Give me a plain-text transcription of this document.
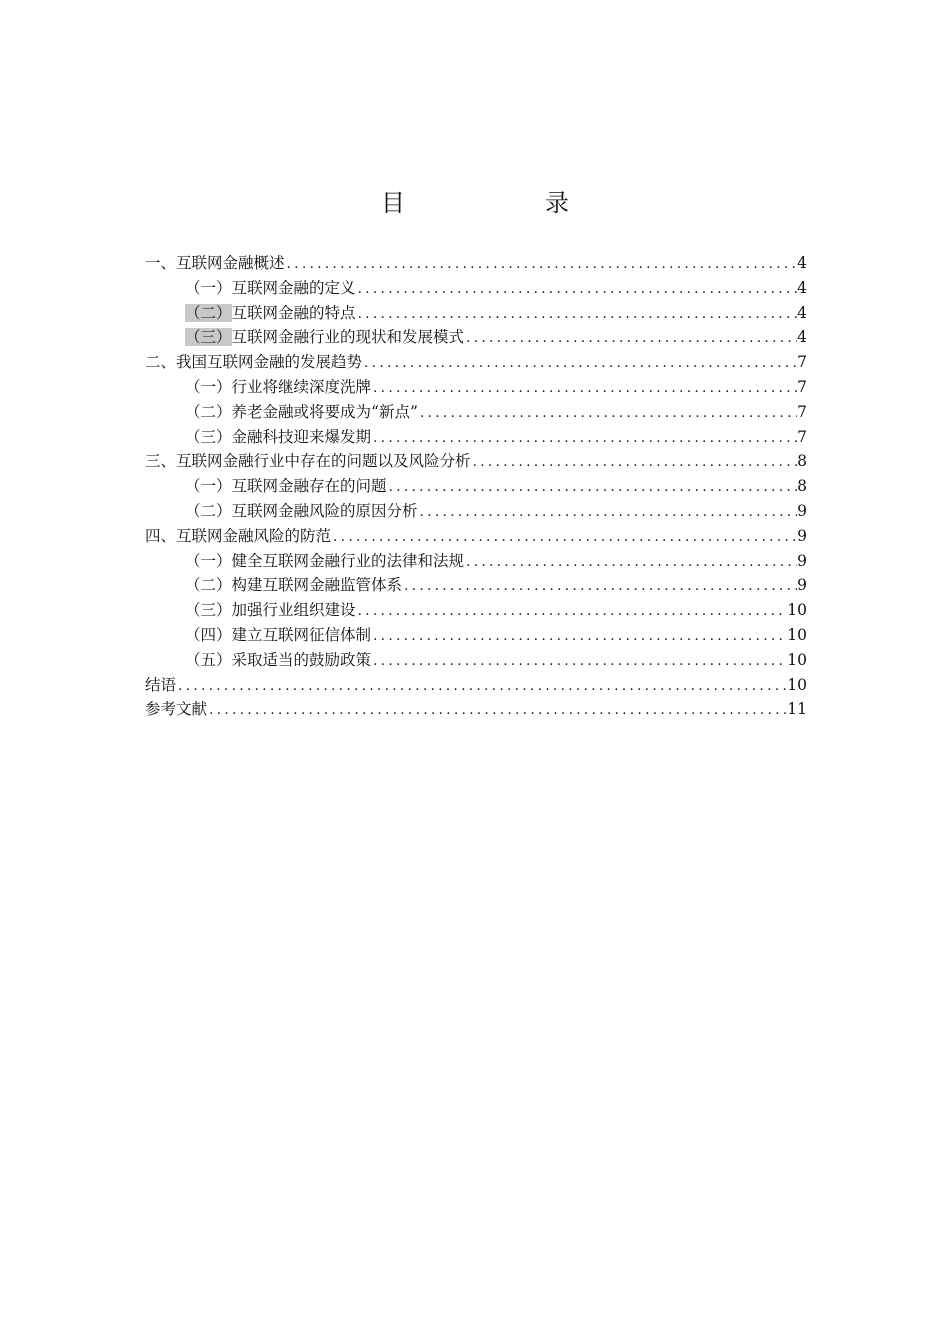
目	录
一、互联网金融概述 .....	4
（一）互联网金融的定义 .....	4
（二）互联网金融的特点 .....	4
（三）互联网金融行业的现状和发展模式 .....	4
二、我国互联网金融的发展趋势 .....	7
（一）行业将继续深度洗牌 .....	7
（二）养老金融或将要成为“新点” .....	7
（三）金融科技迎来爆发期 .....	7
三、互联网金融行业中存在的问题以及风险分析 .....	8
（一）互联网金融存在的问题 .....	8
（二）互联网金融风险的原因分析 .....	9
四、互联网金融风险的防范 .....	9
（一）健全互联网金融行业的法律和法规 .....	9
（二）构建互联网金融监管体系 .....	9
（三）加强行业组织建设 .....	10
（四）建立互联网征信体制 .....	10
（五）采取适当的鼓励政策 .....	10
结语 .....	10
参考文献 .....	11
